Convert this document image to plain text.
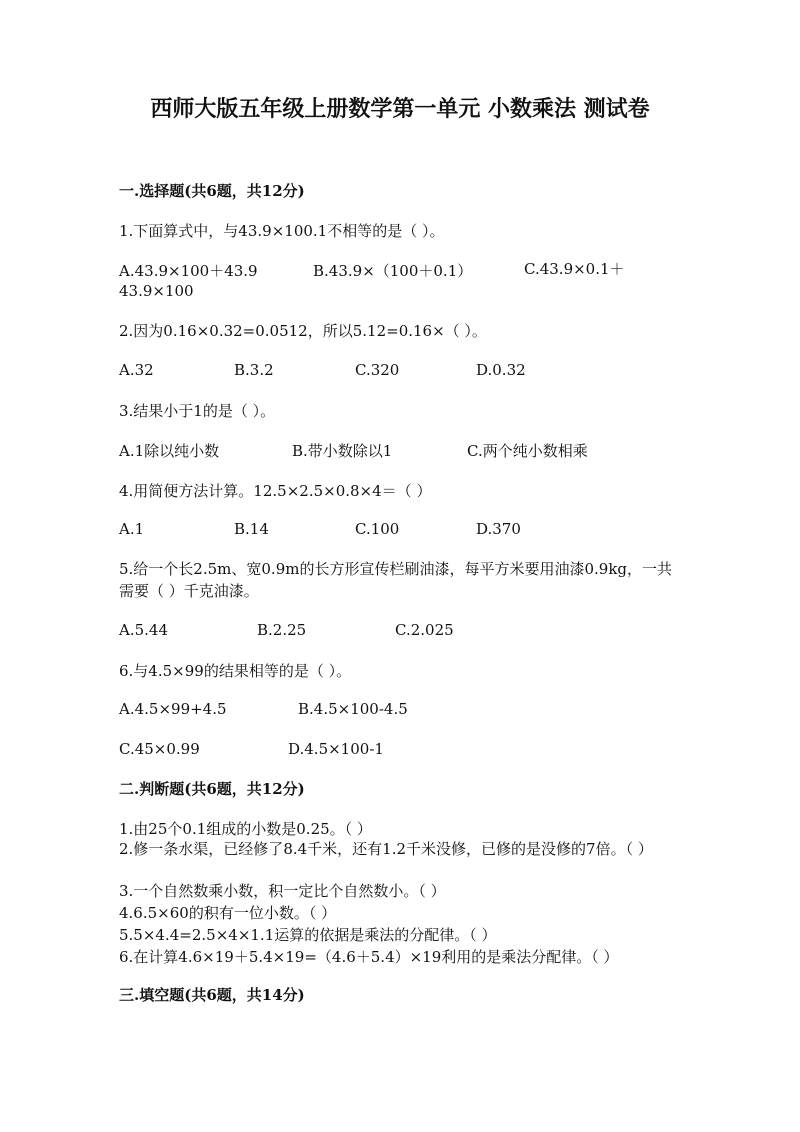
西师大版五年级上册数学第一单元 小数乘法 测试卷
一.选择题(共6题，共12分)
1.下面算式中，与43.9×100.1不相等的是（ ）。
A.43.9×100＋43.9	B.43.9×（100＋0.1）	C.43.9×0.1＋43.9×100
2.因为0.16×0.32=0.0512，所以5.12=0.16×（ ）。
A.32	B.3.2	C.320	D.0.32
3.结果小于1的是（ ）。
A.1除以纯小数	B.带小数除以1	C.两个纯小数相乘
4.用简便方法计算。12.5×2.5×0.8×4＝（ ）
A.1	B.14	C.100	D.370
5.给一个长2.5m、宽0.9m的长方形宣传栏刷油漆，每平方米要用油漆0.9kg，一共需要（ ）千克油漆。
A.5.44	B.2.25	C.2.025
6.与4.5×99的结果相等的是（ ）。
A.4.5×99+4.5	B.4.5×100-4.5
C.45×0.99	D.4.5×100-1
二.判断题(共6题，共12分)
1.由25个0.1组成的小数是0.25。（ ）
2.修一条水渠，已经修了8.4千米，还有1.2千米没修，已修的是没修的7倍。（ ）
3.一个自然数乘小数，积一定比个自然数小。（ ）
4.6.5×60的积有一位小数。（ ）
5.5×4.4=2.5×4×1.1运算的依据是乘法的分配律。（ ）
6.在计算4.6×19＋5.4×19=（4.6＋5.4）×19利用的是乘法分配律。（ ）
三.填空题(共6题，共14分)
